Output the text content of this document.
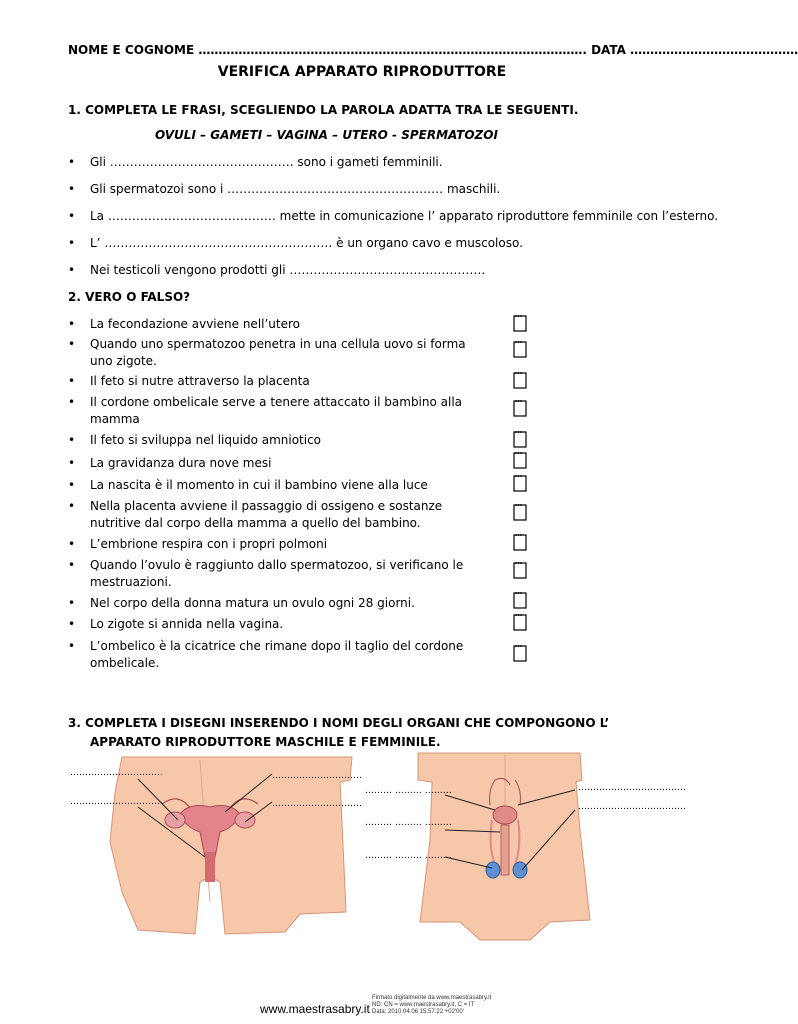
NOME E COGNOME ……………………………………………………………………………………. DATA ……………………………………
VERIFICA APPARATO RIPRODUTTORE
1. COMPLETA LE FRASI, SCEGLIENDO LA PAROLA ADATTA TRA LE SEGUENTI.
OVULI – GAMETI – VAGINA – UTERO - SPERMATOZOI
• Gli ………………………………………. sono i gameti femminili.
• Gli spermatozoi sono i ……………………………………………… maschili.
• La …………………………………… mette in comunicazione l’ apparato riproduttore femminile con l’esterno.
• L’ ………………………………………………… è un organo cavo e muscoloso.
• Nei testicoli vengono prodotti gli ………………………………………….
2. VERO O FALSO?
• La fecondazione avviene nell’utero
• Quando uno spermatozoo penetra in una cellula uovo si forma uno zigote.
• Il feto si nutre attraverso la placenta
• Il cordone ombelicale serve a tenere attaccato il bambino alla mamma
• Il feto si sviluppa nel liquido amniotico
• La gravidanza dura nove mesi
• La nascita è il momento in cui il bambino viene alla luce
• Nella placenta avviene il passaggio di ossigeno e sostanze nutritive dal corpo della mamma a quello del bambino.
• L’embrione respira con i propri polmoni
• Quando l’ovulo è raggiunto dallo spermatozoo, si verificano le mestruazioni.
• Nel corpo della donna matura un ovulo ogni 28 giorni.
• Lo zigote si annida nella vagina.
• L’ombelico è la cicatrice che rimane dopo il taglio del cordone ombelicale.
3. COMPLETA I DISEGNI INSERENDO I NOMI DEGLI ORGANI CHE COMPONGONO L’
APPARATO RIPRODUTTORE MASCHILE E FEMMINILE.
………………………….
………………………….
…………………………
…………………………
……… ……… ………
……… ……… ………
……… ……… ………
………………………………
………………………………
www.maestrasabry.it
Firmato digitalmente da www.maestrasabry.it
ND: CN = www.maestrasabry.it, C = IT
Data: 2010.04.06 15:57:22 +02'00'
